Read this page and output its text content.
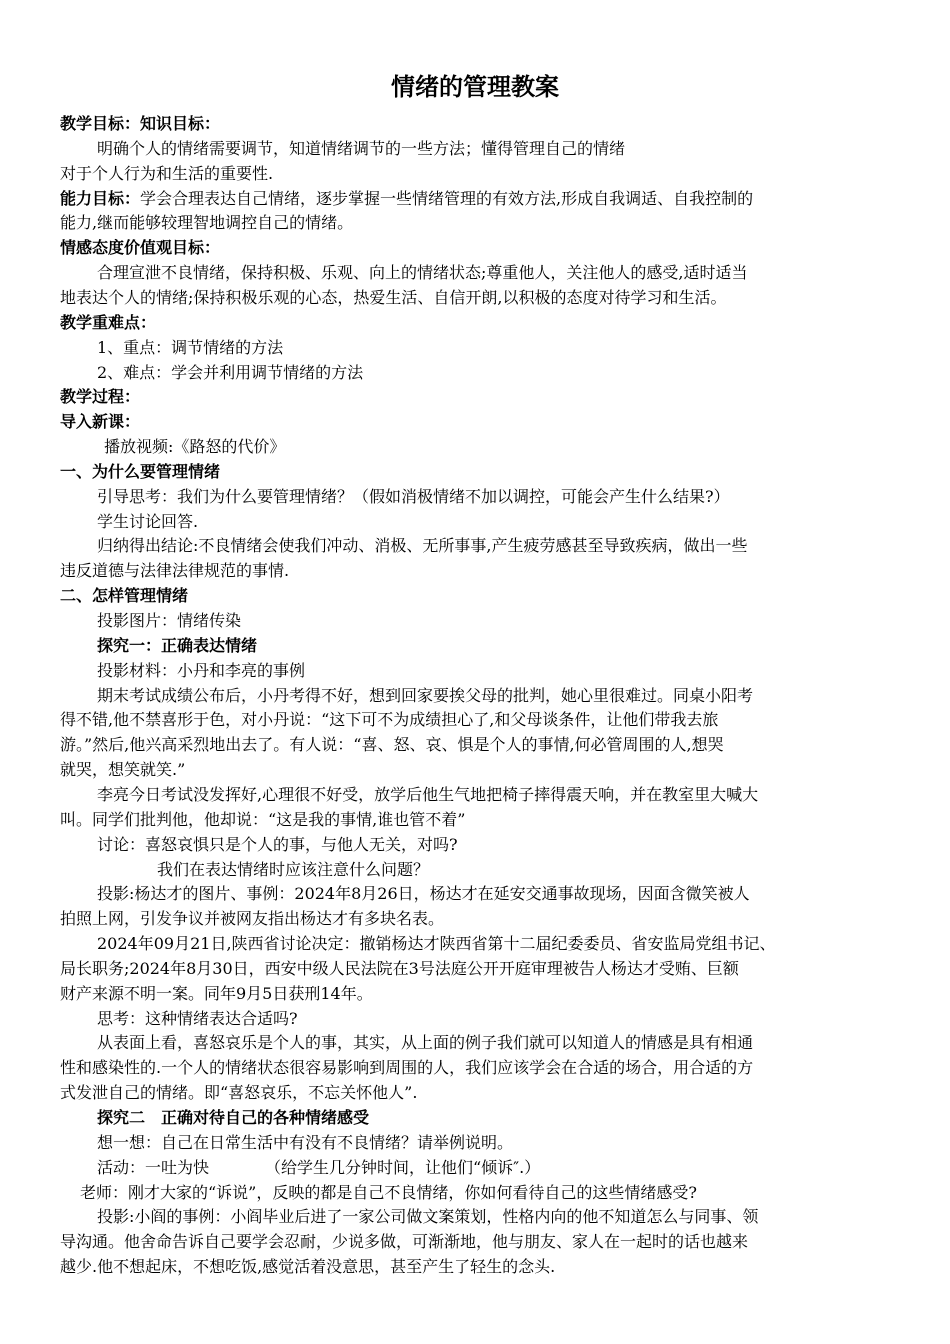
情绪的管理教案
教学目标：知识目标：
明确个人的情绪需要调节，知道情绪调节的一些方法；懂得管理自己的情绪
对于个人行为和生活的重要性.
能力目标：学会合理表达自己情绪，逐步掌握一些情绪管理的有效方法,形成自我调适、自我控制的
能力,继而能够较理智地调控自己的情绪。
情感态度价值观目标：
合理宣泄不良情绪，保持积极、乐观、向上的情绪状态;尊重他人，关注他人的感受,适时适当
地表达个人的情绪;保持积极乐观的心态，热爱生活、自信开朗,以积极的态度对待学习和生活。
教学重难点：
1、重点：调节情绪的方法
2、难点：学会并利用调节情绪的方法
教学过程：
导入新课：
播放视频:《路怒的代价》
一、为什么要管理情绪
引导思考：我们为什么要管理情绪？（假如消极情绪不加以调控，可能会产生什么结果?）
学生讨论回答.
归纳得出结论:不良情绪会使我们冲动、消极、无所事事,产生疲劳感甚至导致疾病，做出一些
违反道德与法律法律规范的事情.
二、怎样管理情绪
投影图片：情绪传染
探究一：正确表达情绪
投影材料：小丹和李亮的事例
期末考试成绩公布后，小丹考得不好，想到回家要挨父母的批判，她心里很难过。同桌小阳考
得不错,他不禁喜形于色，对小丹说：“这下可不为成绩担心了,和父母谈条件，让他们带我去旅
游。”然后,他兴高采烈地出去了。有人说：“喜、怒、哀、惧是个人的事情,何必管周围的人,想哭
就哭，想笑就笑.”
李亮今日考试没发挥好,心理很不好受，放学后他生气地把椅子摔得震天响，并在教室里大喊大
叫。同学们批判他，他却说：“这是我的事情,谁也管不着”
讨论：喜怒哀惧只是个人的事，与他人无关，对吗?
我们在表达情绪时应该注意什么问题？
投影:杨达才的图片、事例：2024年8月26日，杨达才在延安交通事故现场，因面含微笑被人
拍照上网，引发争议并被网友指出杨达才有多块名表。
2024年09月21日,陕西省讨论决定：撤销杨达才陕西省第十二届纪委委员、省安监局党组书记、
局长职务;2024年8月30日，西安中级人民法院在3号法庭公开开庭审理被告人杨达才受贿、巨额
财产来源不明一案。同年9月5日获刑14年。
思考：这种情绪表达合适吗?
从表面上看，喜怒哀乐是个人的事，其实，从上面的例子我们就可以知道人的情感是具有相通
性和感染性的.一个人的情绪状态很容易影响到周围的人，我们应该学会在合适的场合，用合适的方
式发泄自己的情绪。即“喜怒哀乐，不忘关怀他人”.
探究二　正确对待自己的各种情绪感受
想一想：自己在日常生活中有没有不良情绪？请举例说明。
活动：一吐为快　　　　（给学生几分钟时间，让他们“倾诉″.）
老师：刚才大家的“诉说”，反映的都是自己不良情绪，你如何看待自己的这些情绪感受?
投影:小阎的事例：小阎毕业后进了一家公司做文案策划，性格内向的他不知道怎么与同事、领
导沟通。他舍命告诉自己要学会忍耐，少说多做，可渐渐地，他与朋友、家人在一起时的话也越来
越少.他不想起床，不想吃饭,感觉活着没意思，甚至产生了轻生的念头.
